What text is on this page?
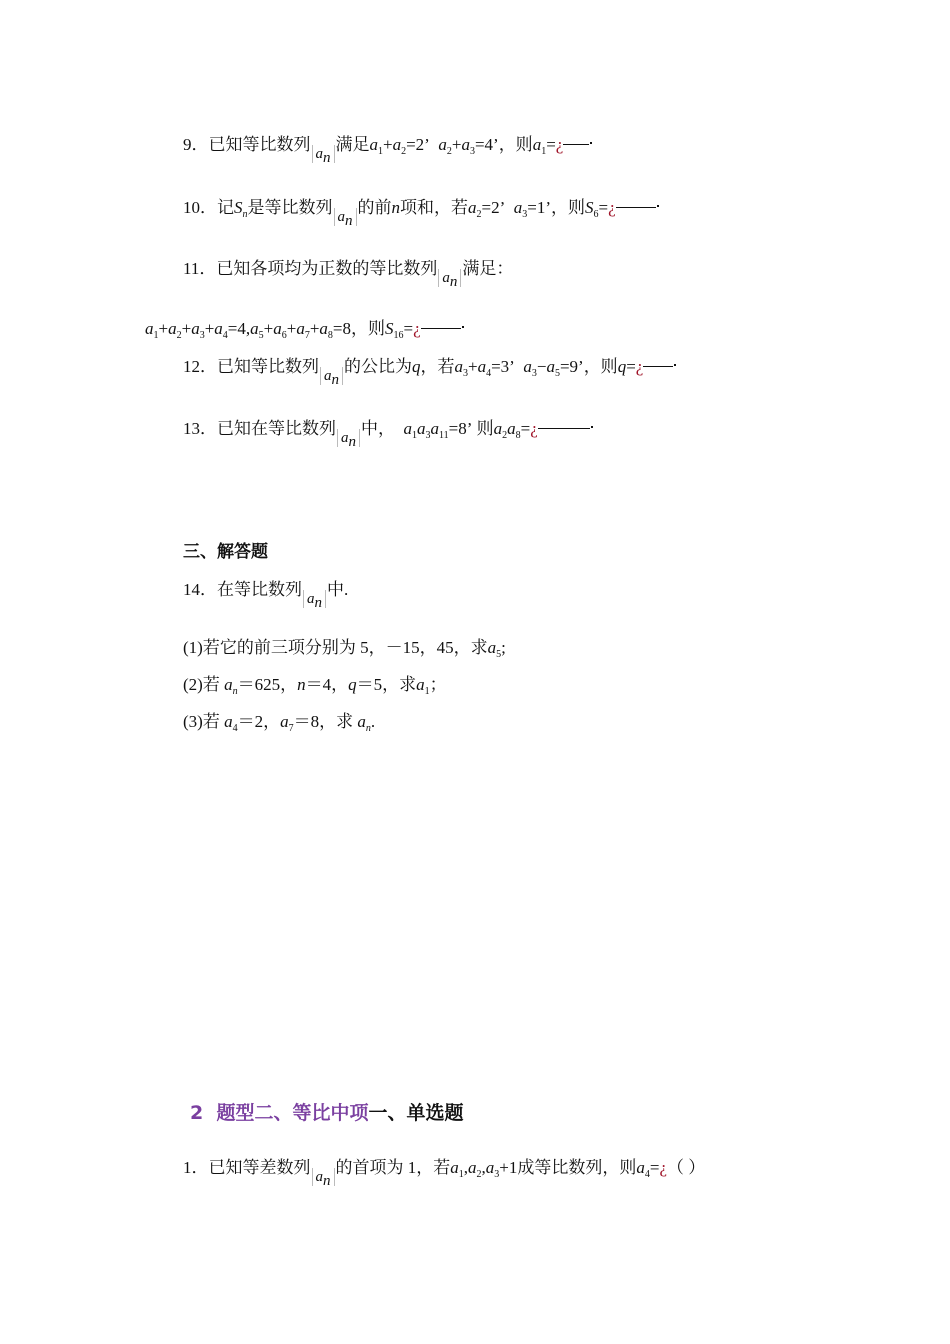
9．已知等比数列 $a_n$满足$a_1+a_2=2$’ $a_2+a_3=4$’，则$a_1=¿$
10．记$S_n$是等比数列 $a_n$的前n项和，若$a_2=2$’ $a_3=1$’，则$S_6=¿$
11．已知各项均为正数的等比数列 $a_n$满足：
$a_1+a_2+a_3+a_4=4,a_5+a_6+a_7+a_8=8$，则$S_{16}=¿$
12．已知等比数列 $a_n$的公比为q，若$a_3+a_4=3$’ $a_3-a_5=9$’，则q=¿
13．已知在等比数列 $a_n$中， $a_1a_3a_{11}=8$’ 则$a_2a_8=¿$
三、解答题
14．在等比数列 $a_n$中.
(1)若它的前三项分别为 5，－15，45，求$a_5$;
(2)若 $a_n=625$，n＝4，q＝5，求$a_1$；
(3)若 $a_4=2$，$a_7=8$，求 $a_n$.
2 题型二、等比中项一、单选题
1．已知等差数列 $a_n$的首项为 1，若$a_1,a_2,a_3+1$成等比数列，则$a_4=¿$（ ）
